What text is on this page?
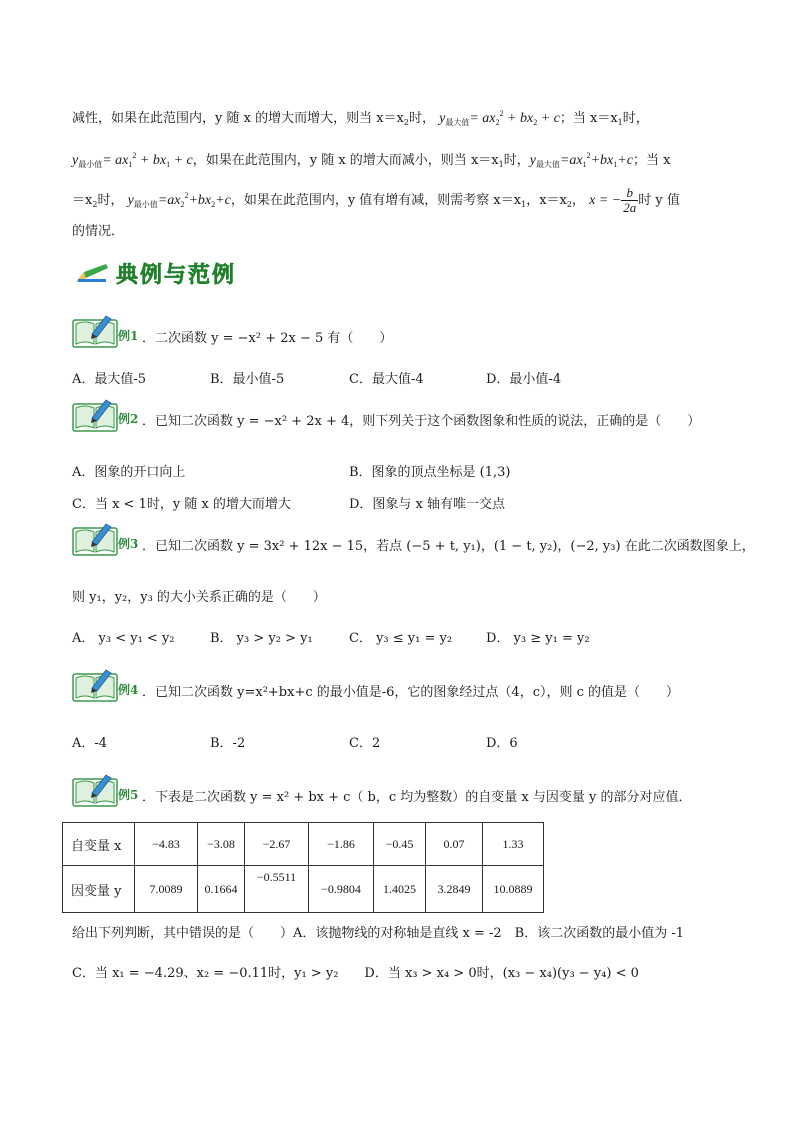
减性，如果在此范围内，y 随 x 的增大而增大，则当 $x=x_2$时， $y_{最大值}= ax_2^2 + bx_2 + c$；当 $x=x_1$时，
$y_{最小值}= ax_1^2 + bx_1 + c$，如果在此范围内，y 随 x 的增大而减小，则当 $x=x_1$时，$y_{最大值}=ax_1^2+bx_1+c$；当 x
$=x_2$时， $y_{最小值}=ax_2^2+bx_2+c$，如果在此范围内，y 值有增有减，则需考察 $x=x_1$，$x=x_2$， x = − $\frac{b}{2a}$ 时 y 值
的情况．
典例与范例
例1 ．二次函数 y = −x² + 2x − 5 有（　　）
A．最大值-5	B．最小值-5	C．最大值-4	D．最小值-4
例2 ．已知二次函数 y = −x² + 2x + 4，则下列关于这个函数图象和性质的说法，正确的是（　　）
A．图象的开口向上	B．图象的顶点坐标是 (1,3)
C．当 x < 1时，y 随 x 的增大而增大	D．图象与 x 轴有唯一交点
例3 ．已知二次函数 y = 3x² + 12x − 15，若点 (−5 + t, y₁)，(1 − t, y₂)，(−2, y₃) 在此二次函数图象上，
则 y₁，y₂，y₃ 的大小关系正确的是（　　）
A． y₃ < y₁ < y₂	B． y₃ > y₂ > y₁	C． y₃ ≤ y₁ = y₂	D． y₃ ≥ y₁ = y₂
例4 ．已知二次函数 y=x²+bx+c 的最小值是-6，它的图象经过点（4，c），则 c 的值是（　　）
A．-4	B．-2	C．2	D．6
例5 ．下表是二次函数 y = x² + bx + c（ b，c 均为整数）的自变量 x 与因变量 y 的部分对应值．
自变量 x	−4.83	−3.08	−2.67	−1.86	−0.45	0.07	1.33
因变量 y	7.0089	0.1664	−0.5511	−0.9804	1.4025	3.2849	10.0889
给出下列判断，其中错误的是（　　）A．该抛物线的对称轴是直线 x = -2　B．该二次函数的最小值为 -1
C．当 x₁ = −4.29、x₂ = −0.11时，y₁ > y₂　　D．当 x₃ > x₄ > 0时，(x₃ − x₄)(y₃ − y₄) < 0
